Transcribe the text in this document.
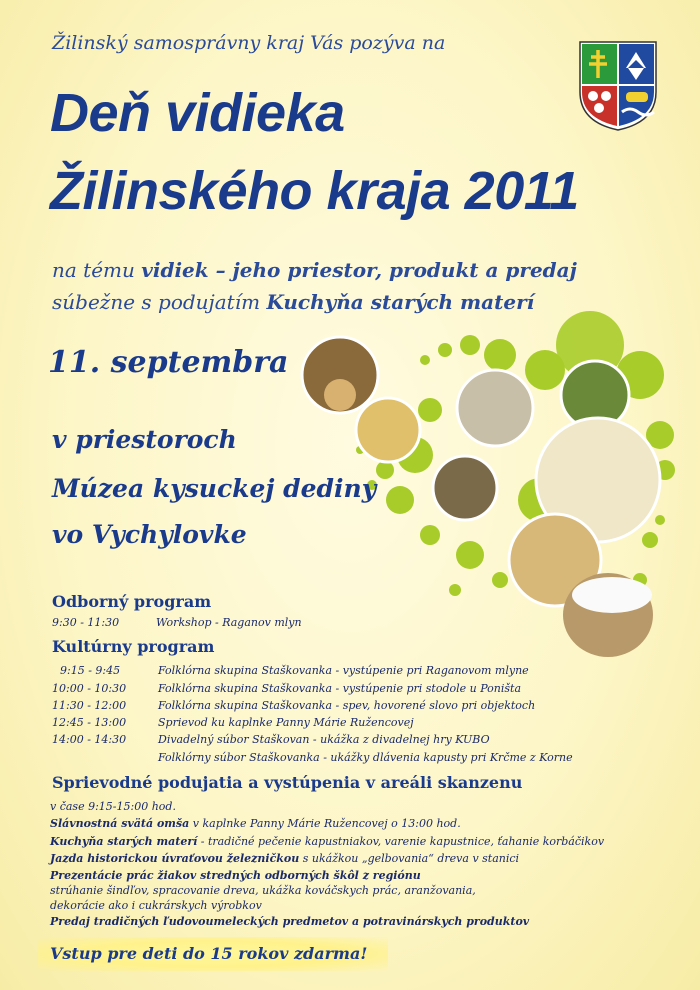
Žilinský samosprávny kraj Vás pozýva na
Deň vidieka
Žilinského kraja 2011
na tému vidiek – jeho priestor, produkt a predaj
súbežne s podujatím Kuchyňa starých materí
11. septembra
v priestoroch
Múzea kysuckej dediny
vo Vychylovke
Odborný program
9:30 - 11:30	Workshop - Raganov mlyn
Kultúrny program
9:15 - 9:45	Folklórna skupina Staškovanka - vystúpenie pri Raganovom mlyne
10:00 - 10:30	Folklórna skupina Staškovanka - vystúpenie pri stodole u Poništa
11:30 - 12:00	Folklórna skupina Staškovanka - spev, hovorené slovo pri objektoch
12:45 - 13:00	Sprievod ku kaplnke Panny Márie Ružencovej
14:00 - 14:30	Divadelný súbor Staškovan - ukážka z divadelnej hry KUBO
Folklórny súbor Staškovanka - ukážky dlávenia kapusty pri Krčme z Korne
Sprievodné podujatia a vystúpenia v areáli skanzenu
v čase 9:15-15:00 hod.
Slávnostná svätá omša v kaplnke Panny Márie Ružencovej o 13:00 hod.
Kuchyňa starých materí - tradičné pečenie kapustniakov, varenie kapustnice, ťahanie korbáčikov
Jazda historickou úvraťovou železničkou s ukážkou „gelbovania“ dreva v stanici
Prezentácie prác žiakov stredných odborných škôl z regiónu
strúhanie šindľov, spracovanie dreva, ukážka kováčskych prác, aranžovania,
dekorácie ako i cukrárskych výrobkov
Predaj tradičných ľudovoumeleckých predmetov a potravinárskych produktov
Vstup pre deti do 15 rokov zdarma!
